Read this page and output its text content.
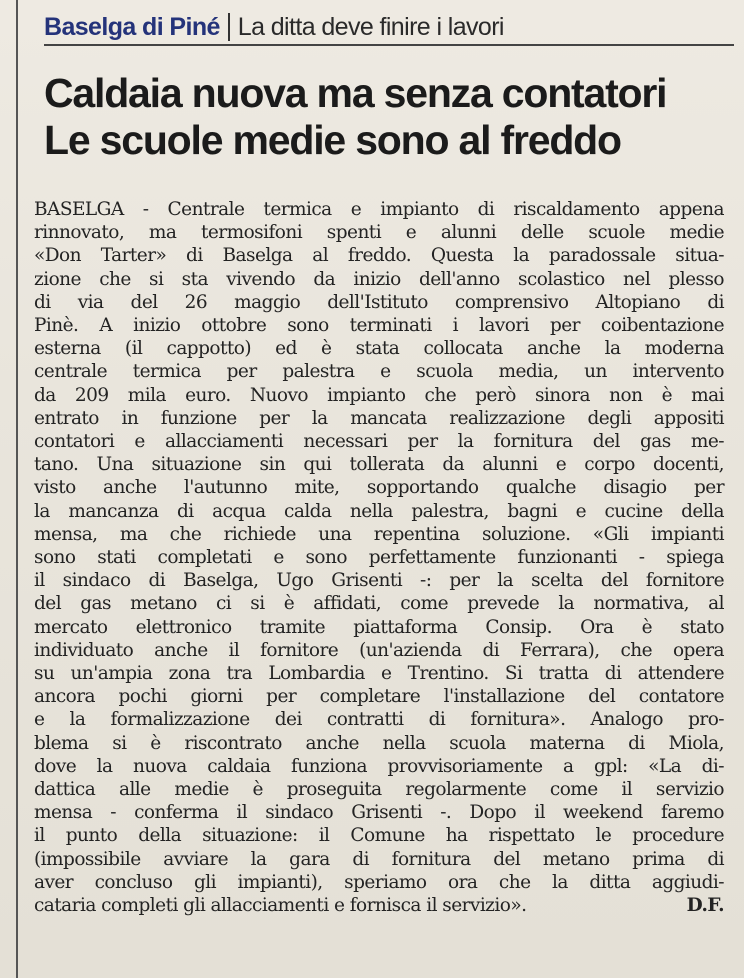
Baselga di Piné La ditta deve finire i lavori
Caldaia nuova ma senza contatori
Le scuole medie sono al freddo
BASELGA - Centrale termica e impianto di riscaldamento appena
rinnovato, ma termosifoni spenti e alunni delle scuole medie
«Don Tarter» di Baselga al freddo. Questa la paradossale situa-
zione che si sta vivendo da inizio dell'anno scolastico nel plesso
di via del 26 maggio dell'Istituto comprensivo Altopiano di
Pinè. A inizio ottobre sono terminati i lavori per coibentazione
esterna (il cappotto) ed è stata collocata anche la moderna
centrale termica per palestra e scuola media, un intervento
da 209 mila euro. Nuovo impianto che però sinora non è mai
entrato in funzione per la mancata realizzazione degli appositi
contatori e allacciamenti necessari per la fornitura del gas me-
tano. Una situazione sin qui tollerata da alunni e corpo docenti,
visto anche l'autunno mite, sopportando qualche disagio per
la mancanza di acqua calda nella palestra, bagni e cucine della
mensa, ma che richiede una repentina soluzione. «Gli impianti
sono stati completati e sono perfettamente funzionanti - spiega
il sindaco di Baselga, Ugo Grisenti -: per la scelta del fornitore
del gas metano ci si è affidati, come prevede la normativa, al
mercato elettronico tramite piattaforma Consip. Ora è stato
individuato anche il fornitore (un'azienda di Ferrara), che opera
su un'ampia zona tra Lombardia e Trentino. Si tratta di attendere
ancora pochi giorni per completare l'installazione del contatore
e la formalizzazione dei contratti di fornitura». Analogo pro-
blema si è riscontrato anche nella scuola materna di Miola,
dove la nuova caldaia funziona provvisoriamente a gpl: «La di-
dattica alle medie è proseguita regolarmente come il servizio
mensa - conferma il sindaco Grisenti -. Dopo il weekend faremo
il punto della situazione: il Comune ha rispettato le procedure
(impossibile avviare la gara di fornitura del metano prima di
aver concluso gli impianti), speriamo ora che la ditta aggiudi-
cataria completi gli allacciamenti e fornisca il servizio».	D.F.
